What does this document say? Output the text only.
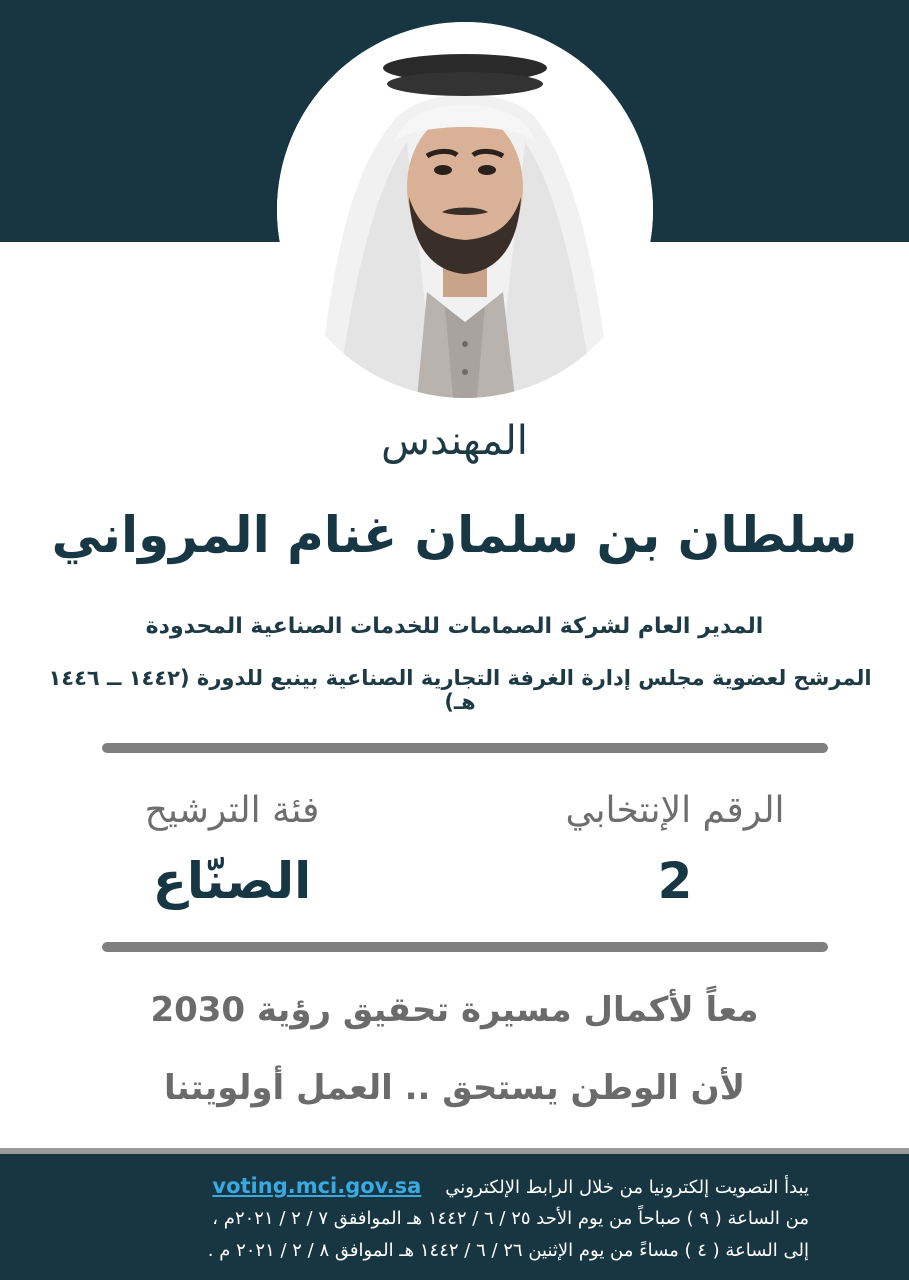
المهندس
سلطان بن سلمان غنام المرواني
المدير العام لشركة الصمامات للخدمات الصناعية المحدودة
المرشح لعضوية مجلس إدارة الغرفة التجارية الصناعية بينبع للدورة (١٤٤٢ ــ ١٤٤٦ هـ)
الرقم الإنتخابي
2
فئة الترشيح
الصنّاع
معاً لأكمال مسيرة تحقيق رؤية 2030
لأن الوطن يستحق .. العمل أولويتنا
يبدأ التصويت إلكترونيا من خلال الرابط الإلكترونيvoting.mci.gov.sa
من الساعة ( ٩ ) صباحاً من يوم الأحد ٢٥ / ٦ / ١٤٤٢ هـ الموافقق ٧ / ٢ / ٢٠٢١م ،
إلى الساعة ( ٤ ) مساءً من يوم الإثنين ٢٦ / ٦ / ١٤٤٢ هـ الموافق ٨ / ٢ / ٢٠٢١ م .
